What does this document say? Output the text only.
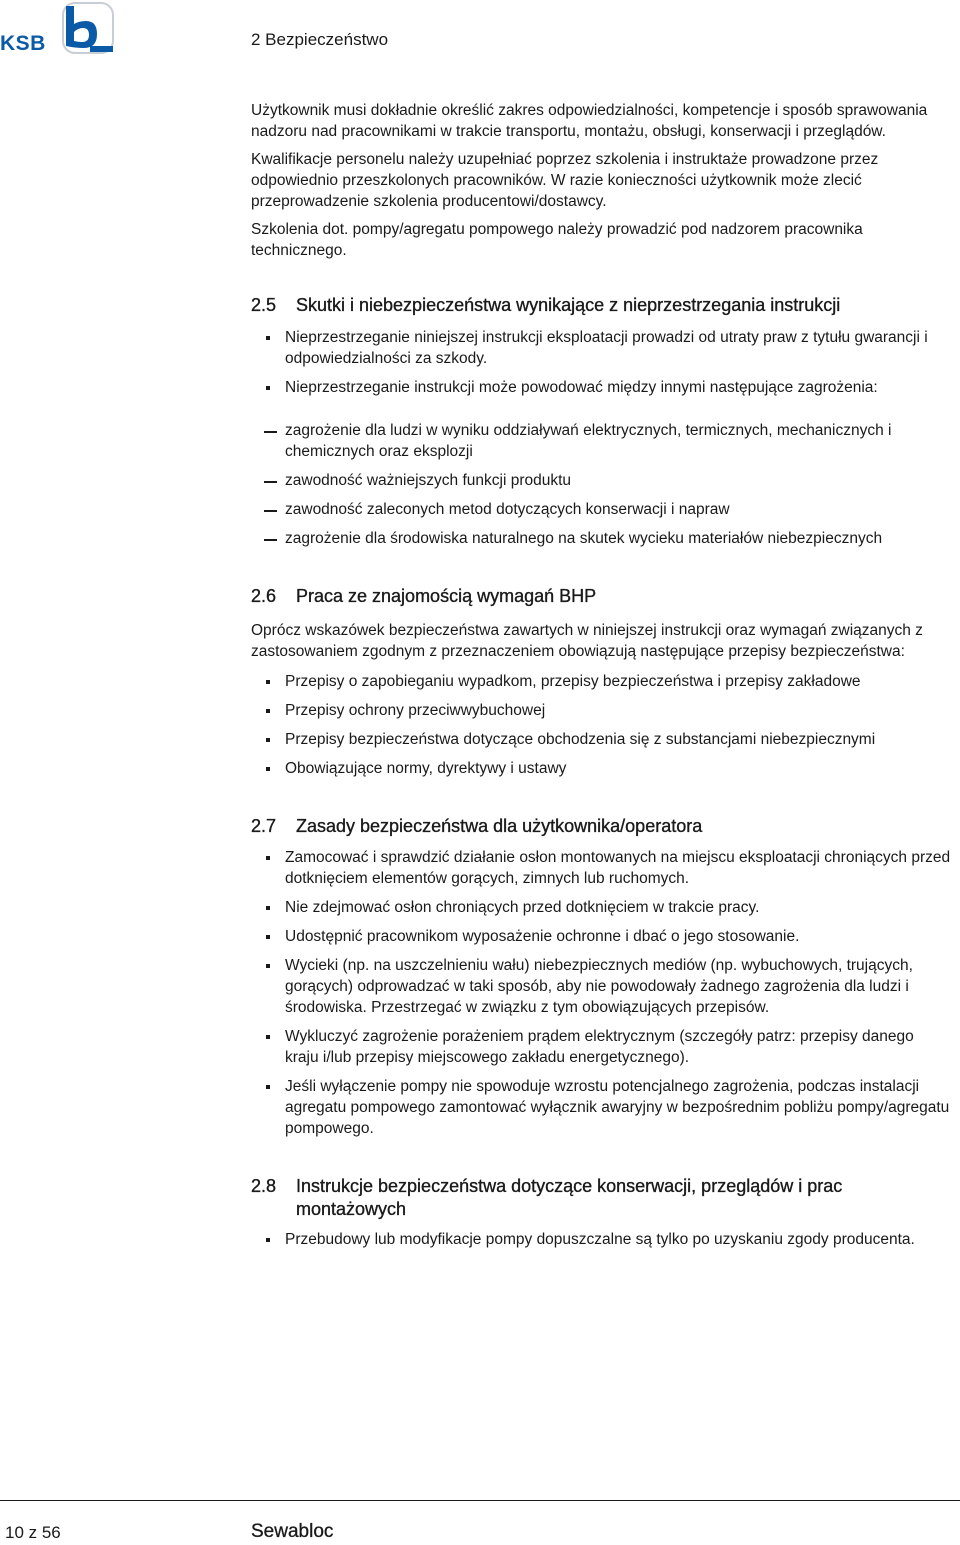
KSB	2 Bezpieczeństwo

Użytkownik musi dokładnie określić zakres odpowiedzialności, kompetencje i sposób sprawowania nadzoru nad pracownikami w trakcie transportu, montażu, obsługi, konserwacji i przeglądów.

Kwalifikacje personelu należy uzupełniać poprzez szkolenia i instruktaże prowadzone przez odpowiednio przeszkolonych pracowników. W razie konieczności użytkownik może zlecić przeprowadzenie szkolenia producentowi/dostawcy.

Szkolenia dot. pompy/agregatu pompowego należy prowadzić pod nadzorem pracownika technicznego.

2.5	Skutki i niebezpieczeństwa wynikające z nieprzestrzegania instrukcji
Nieprzestrzeganie niniejszej instrukcji eksploatacji prowadzi od utraty praw z tytułu gwarancji i odpowiedzialności za szkody.
Nieprzestrzeganie instrukcji może powodować między innymi następujące zagrożenia:
zagrożenie dla ludzi w wyniku oddziaływań elektrycznych, termicznych, mechanicznych i chemicznych oraz eksplozji
zawodność ważniejszych funkcji produktu
zawodność zaleconych metod dotyczących konserwacji i napraw
zagrożenie dla środowiska naturalnego na skutek wycieku materiałów niebezpiecznych
2.6	Praca ze znajomością wymagań BHP

Oprócz wskazówek bezpieczeństwa zawartych w niniejszej instrukcji oraz wymagań związanych z zastosowaniem zgodnym z przeznaczeniem obowiązują następujące przepisy bezpieczeństwa:

Przepisy o zapobieganiu wypadkom, przepisy bezpieczeństwa i przepisy zakładowe
Przepisy ochrony przeciwwybuchowej
Przepisy bezpieczeństwa dotyczące obchodzenia się z substancjami niebezpiecznymi
Obowiązujące normy, dyrektywy i ustawy
2.7	Zasady bezpieczeństwa dla użytkownika/operatora
Zamocować i sprawdzić działanie osłon montowanych na miejscu eksploatacji chroniących przed dotknięciem elementów gorących, zimnych lub ruchomych.
Nie zdejmować osłon chroniących przed dotknięciem w trakcie pracy.
Udostępnić pracownikom wyposażenie ochronne i dbać o jego stosowanie.
Wycieki (np. na uszczelnieniu wału) niebezpiecznych mediów (np. wybuchowych, trujących, gorących) odprowadzać w taki sposób, aby nie powodowały żadnego zagrożenia dla ludzi i środowiska. Przestrzegać w związku z tym obowiązujących przepisów.
Wykluczyć zagrożenie porażeniem prądem elektrycznym (szczegóły patrz: przepisy danego kraju i/lub przepisy miejscowego zakładu energetycznego).
Jeśli wyłączenie pompy nie spowoduje wzrostu potencjalnego zagrożenia, podczas instalacji agregatu pompowego zamontować wyłącznik awaryjny w bezpośrednim pobliżu pompy/agregatu pompowego.
2.8	Instrukcje bezpieczeństwa dotyczące konserwacji, przeglądów i prac montażowych
Przebudowy lub modyfikacje pompy dopuszczalne są tylko po uzyskaniu zgody producenta.
10 z 56	Sewabloc
